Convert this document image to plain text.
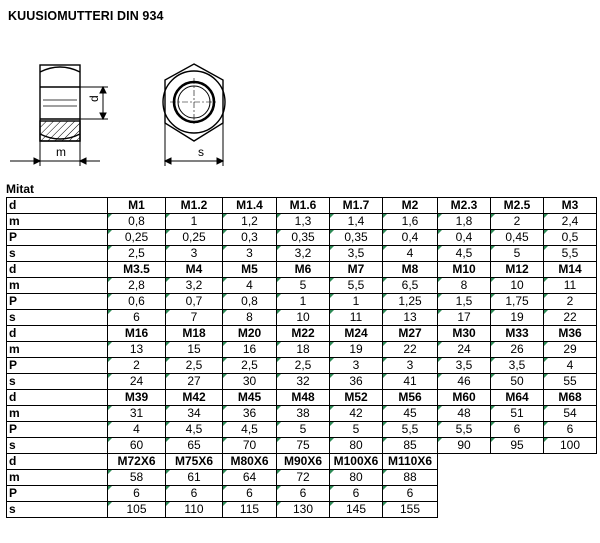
KUUSIOMUTTERI DIN 934
d
m	s
Mitat
d	M1	M1.2	M1.4	M1.6	M1.7	M2	M2.3	M2.5	M3
m	0,8	1	1,2	1,3	1,4	1,6	1,8	2	2,4
P	0,25	0,25	0,3	0,35	0,35	0,4	0,4	0,45	0,5
s	2,5	3	3	3,2	3,5	4	4,5	5	5,5
d	M3.5	M4	M5	M6	M7	M8	M10	M12	M14
m	2,8	3,2	4	5	5,5	6,5	8	10	11
P	0,6	0,7	0,8	1	1	1,25	1,5	1,75	2
s	6	7	8	10	11	13	17	19	22
d	M16	M18	M20	M22	M24	M27	M30	M33	M36
m	13	15	16	18	19	22	24	26	29
P	2	2,5	2,5	2,5	3	3	3,5	3,5	4
s	24	27	30	32	36	41	46	50	55
d	M39	M42	M45	M48	M52	M56	M60	M64	M68
m	31	34	36	38	42	45	48	51	54
P	4	4,5	4,5	5	5	5,5	5,5	6	6
s	60	65	70	75	80	85	90	95	100
d	M72X6	M75X6	M80X6	M90X6	M100X6	M110X6			
m	58	61	64	72	80	88			
P	6	6	6	6	6	6			
s	105	110	115	130	145	155			
